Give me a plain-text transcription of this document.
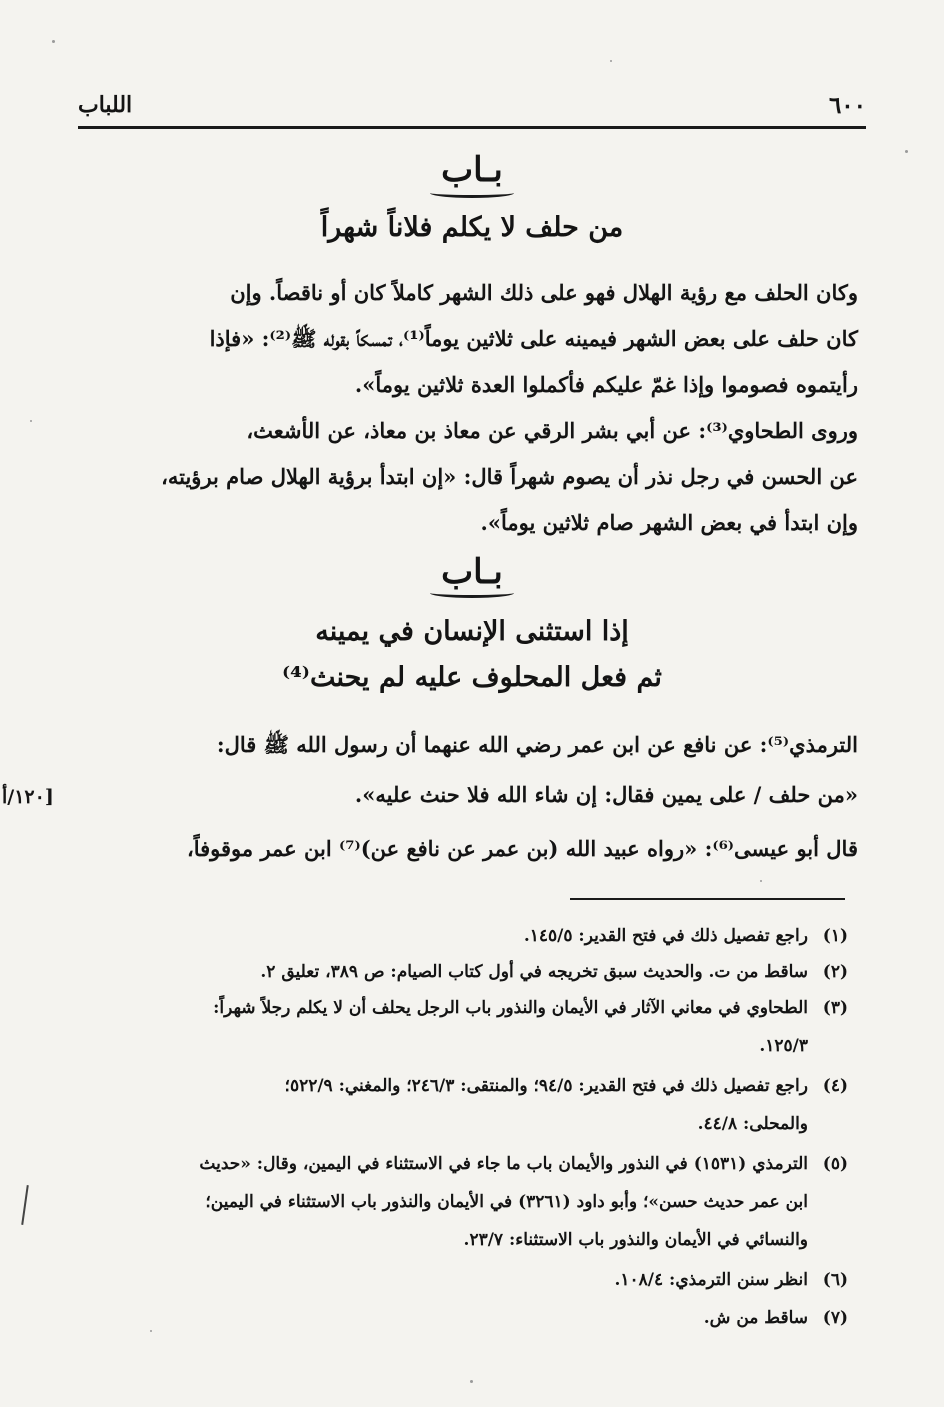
٦٠٠
اللباب
بـاب
من حلف لا يكلم فلاناً شهراً
وكان الحلف مع رؤية الهلال فهو على ذلك الشهر كاملاً كان أو ناقصاً. وإن
كان حلف على بعض الشهر فيمينه على ثلاثين يوماً⁽¹⁾، تمسكاً بقوله ﷺ⁽²⁾: «فإذا
رأيتموه فصوموا وإذا غمّ عليكم فأكملوا العدة ثلاثين يوماً».
وروى الطحاوي⁽³⁾: عن أبي بشر الرقي عن معاذ بن معاذ، عن الأشعث،
عن الحسن في رجل نذر أن يصوم شهراً قال: «إن ابتدأ برؤية الهلال صام برؤيته،
وإن ابتدأ في بعض الشهر صام ثلاثين يوماً».
بـاب
إذا استثنى الإنسان في يمينه
ثم فعل المحلوف عليه لم يحنث⁽⁴⁾
الترمذي⁽⁵⁾: عن نافع عن ابن عمر رضي الله عنهما أن رسول الله ﷺ قال:
«من حلف / على يمين فقال: إن شاء الله فلا حنث عليه».
١٢٠/أ]
قال أبو عيسى⁽⁶⁾: «رواه عبيد الله (بن عمر عن نافع عن)⁽⁷⁾ ابن عمر موقوفاً،
(١)
راجع تفصيل ذلك في فتح القدير: ١٤٥/٥.
(٢)
ساقط من ت. والحديث سبق تخريجه في أول كتاب الصيام: ص ٣٨٩، تعليق ٢.
(٣)
الطحاوي في معاني الآثار في الأيمان والنذور باب الرجل يحلف أن لا يكلم رجلاً شهراً:
١٢٥/٣.
(٤)
راجع تفصيل ذلك في فتح القدير: ٩٤/٥؛ والمنتقى: ٢٤٦/٣؛ والمغني: ٥٢٢/٩؛
والمحلى: ٤٤/٨.
(٥)
الترمذي (١٥٣١) في النذور والأيمان باب ما جاء في الاستثناء في اليمين، وقال: «حديث
ابن عمر حديث حسن»؛ وأبو داود (٣٢٦١) في الأيمان والنذور باب الاستثناء في اليمين؛
والنسائي في الأيمان والنذور باب الاستثناء: ٢٣/٧.
(٦)
انظر سنن الترمذي: ١٠٨/٤.
(٧)
ساقط من ش.
